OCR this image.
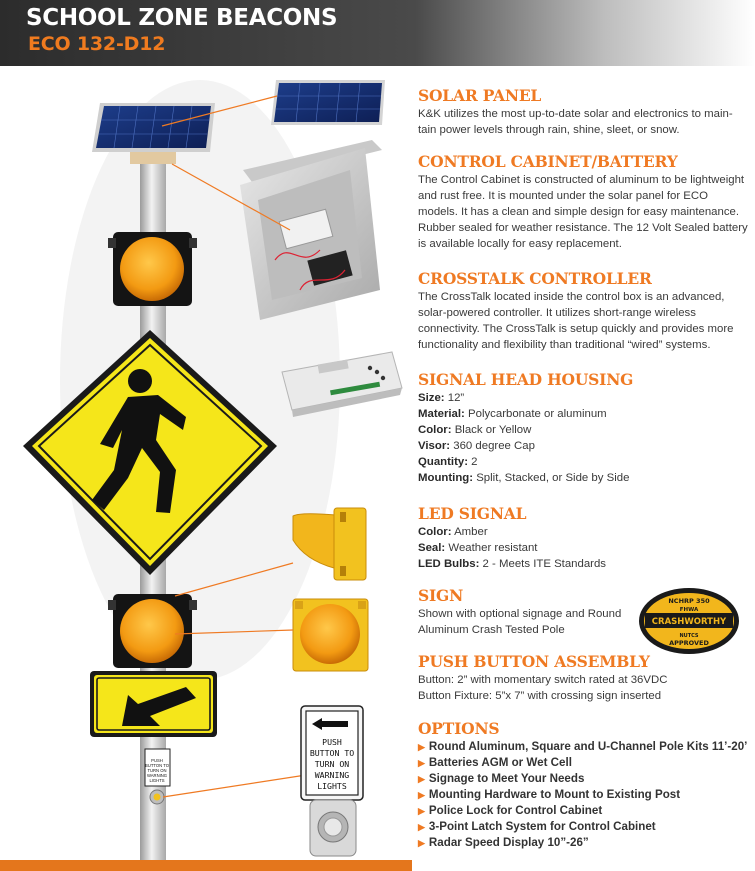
SCHOOL ZONE BEACONS
ECO 132-D12
PUSH
BUTTON TO
TURN ON
WARNING
LIGHTS
PUSH
BUTTON TO
TURN ON
WARNING
LIGHTS
SOLAR PANEL

K&K utilizes the most up-to-date solar and electronics to main-tain power levels through rain, shine, sleet, or snow.

CONTROL CABINET/BATTERY

The Control Cabinet is constructed of aluminum to be lightweight and rust free. It is mounted under the solar panel for ECO models. It has a clean and simple design for easy maintenance. Rubber sealed for weather resistance. The 12 Volt Sealed battery is available locally for easy replacement.

CROSSTALK CONTROLLER

The CrossTalk located inside the control box is an advanced, solar-powered controller. It utilizes short-range wireless connectivity. The CrossTalk is setup quickly and provides more functionality and flexibility than traditional “wired” systems.

SIGNAL HEAD HOUSING
Size: 12”
Material: Polycarbonate or aluminum
Color: Black or Yellow
Visor: 360 degree Cap
Quantity: 2
Mounting: Split, Stacked, or Side by Side
LED SIGNAL
Color: Amber
Seal: Weather resistant
LED Bulbs: 2 - Meets ITE Standards
SIGN

Shown with optional signage and Round Aluminum Crash Tested Pole

CRASHWORTHY
NCHRP 350
FHWA
NUTCS
APPROVED
PUSH BUTTON ASSEMBLY
Button: 2” with momentary switch rated at 36VDC
Button Fixture: 5”x 7” with crossing sign inserted
OPTIONS
▶ Round Aluminum, Square and U-Channel Pole Kits 11’-20’
▶ Batteries AGM or Wet Cell
▶ Signage to Meet Your Needs
▶ Mounting Hardware to Mount to Existing Post
▶ Police Lock for Control Cabinet
▶ 3-Point Latch System for Control Cabinet
▶ Radar Speed Display 10”-26”
